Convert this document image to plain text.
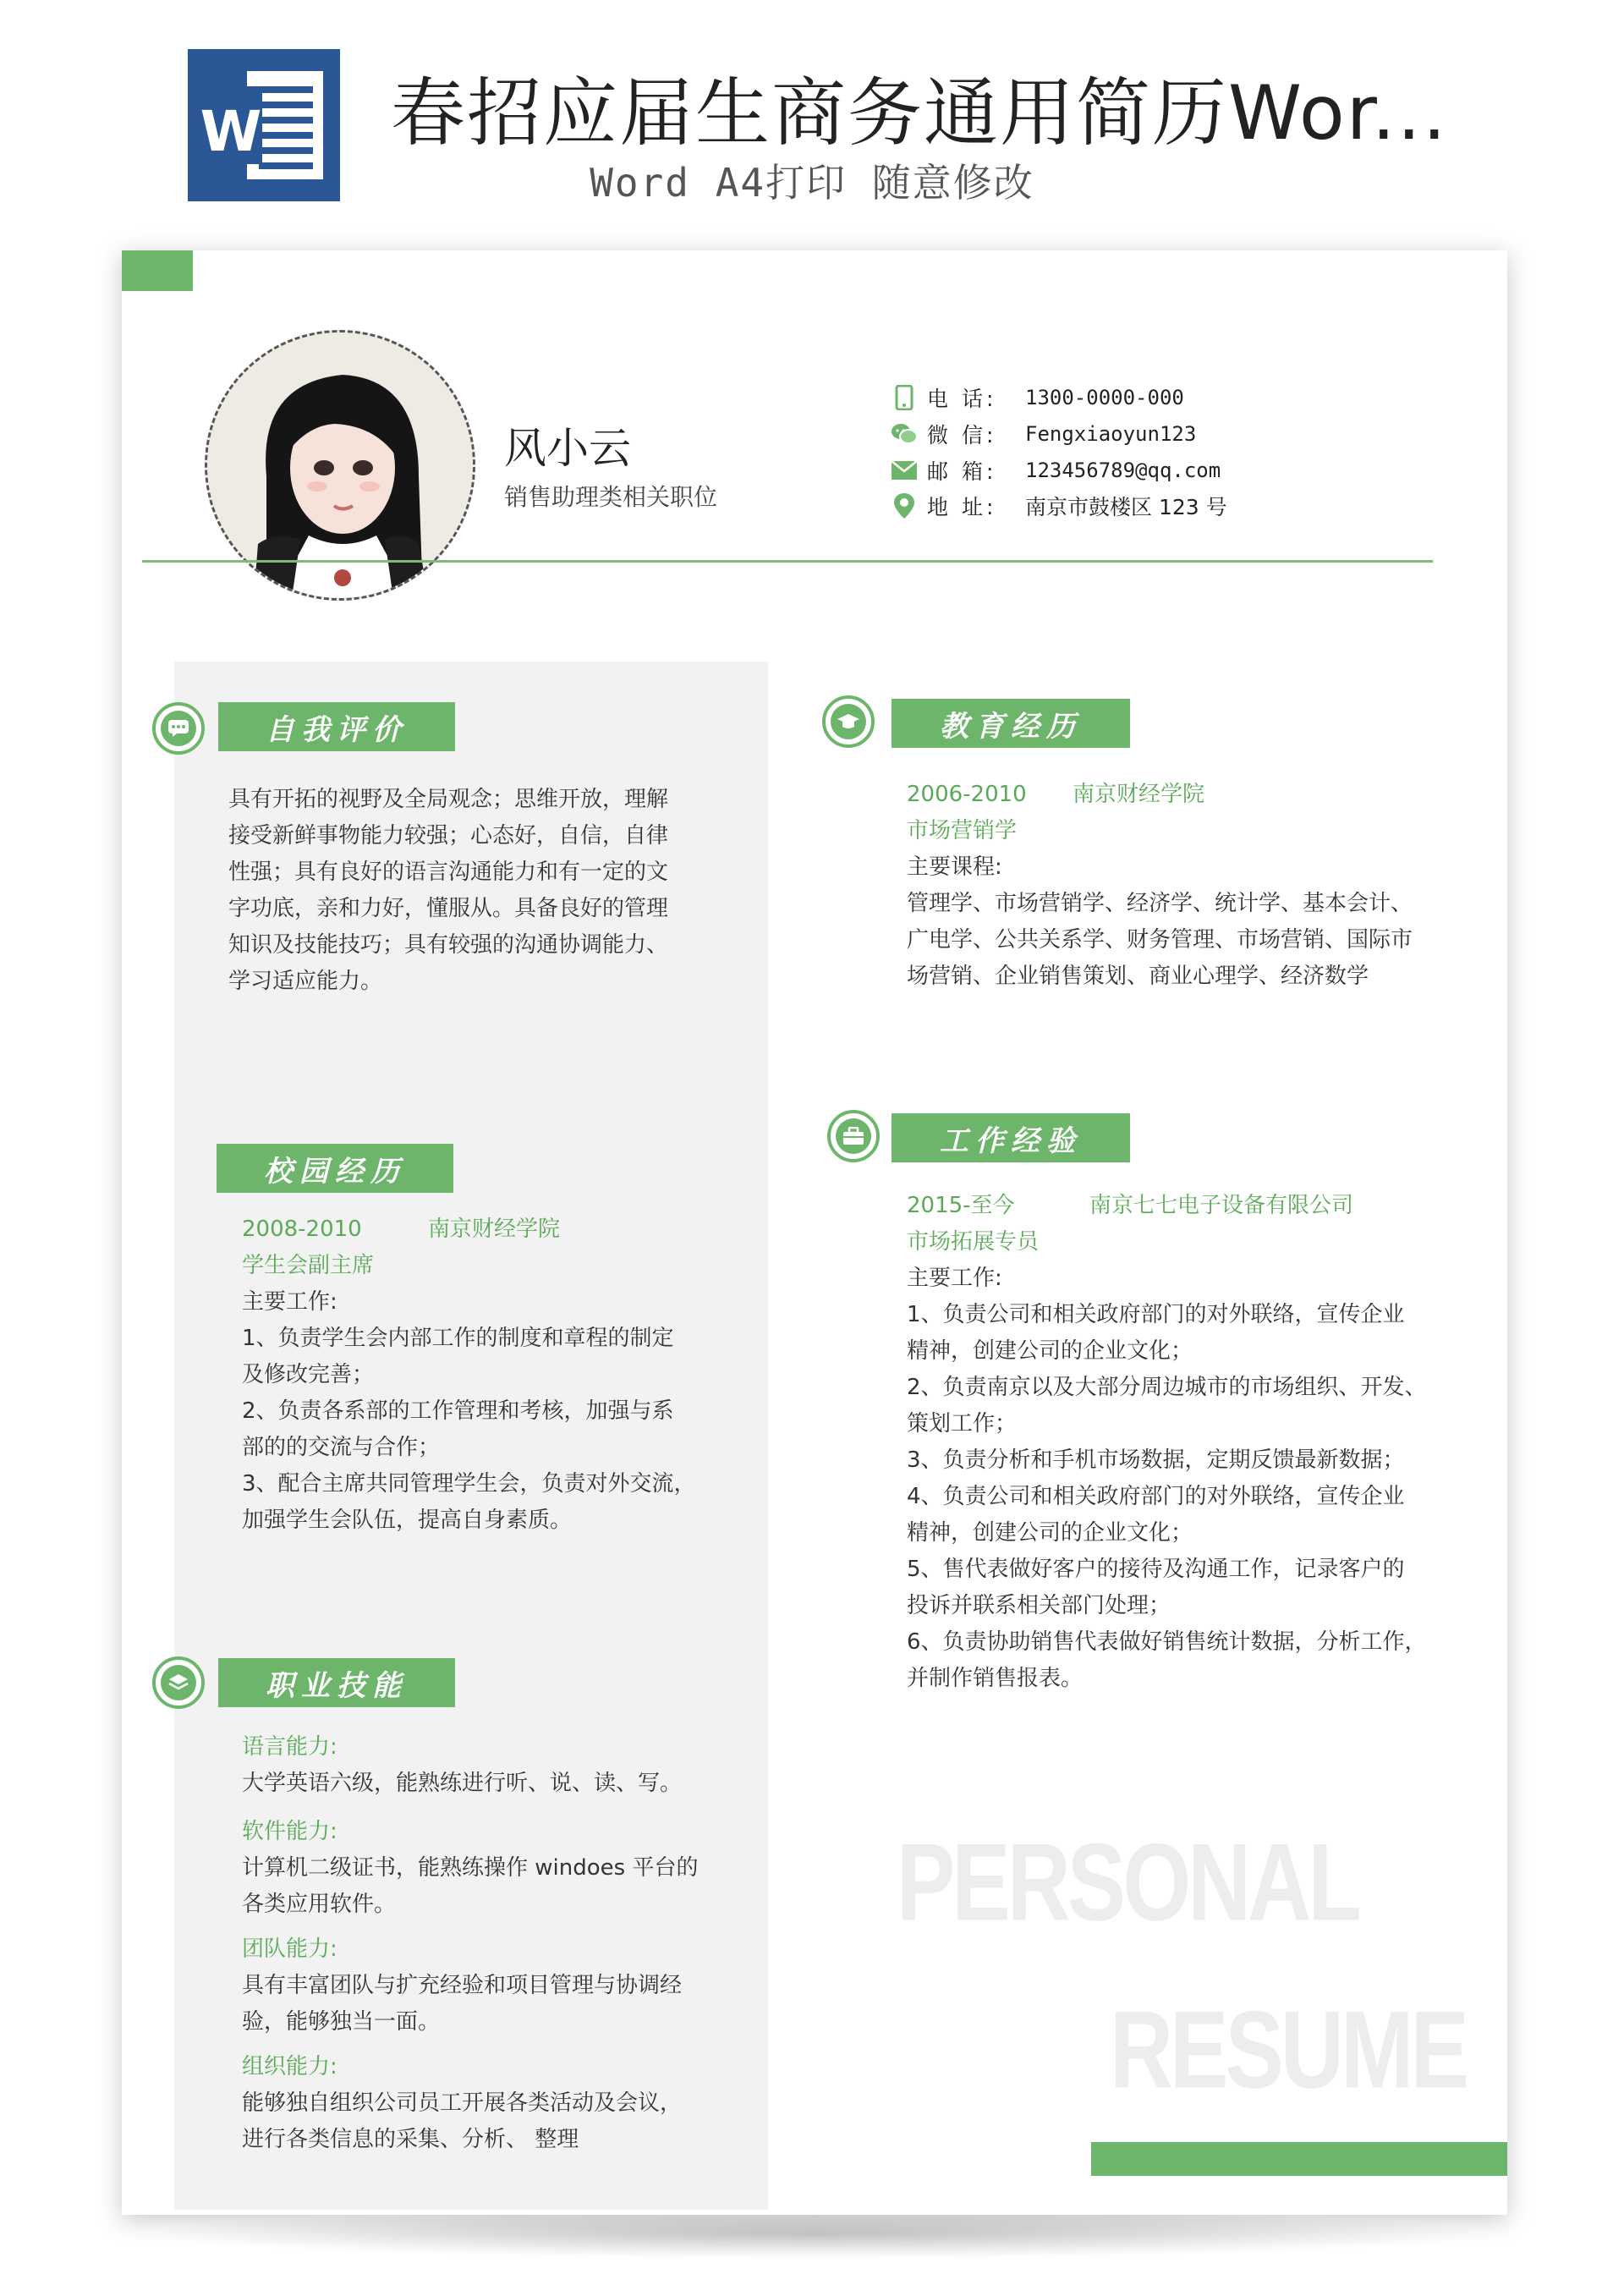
W 春招应届生商务通用简历Wor...
Word A4打印 随意修改
风小云
销售助理类相关职位
电 话:	1300-0000-000
微 信:	Fengxiaoyun123
邮 箱:	123456789@qq.com
地 址:	南京市鼓楼区 123 号
自我评价
具有开拓的视野及全局观念；思维开放，理解
接受新鲜事物能力较强；心态好，自信，自律
性强；具有良好的语言沟通能力和有一定的文
字功底，亲和力好，懂服从。具备良好的管理
知识及技能技巧；具有较强的沟通协调能力、
学习适应能力。
校园经历
2008-2010	南京财经学院
学生会副主席
主要工作:
1、负责学生会内部工作的制度和章程的制定
及修改完善；
2、负责各系部的工作管理和考核，加强与系
部的的交流与合作；
3、配合主席共同管理学生会，负责对外交流，
加强学生会队伍，提高自身素质。
职业技能
语言能力:
大学英语六级，能熟练进行听、说、读、写。
软件能力:
计算机二级证书，能熟练操作 windoes 平台的
各类应用软件。
团队能力:
具有丰富团队与扩充经验和项目管理与协调经
验，能够独当一面。
组织能力:
能够独自组织公司员工开展各类活动及会议，
进行各类信息的采集、分析、 整理
教育经历
2006-2010	南京财经学院
市场营销学
主要课程:
管理学、市场营销学、经济学、统计学、基本会计、
广电学、公共关系学、财务管理、市场营销、国际市
场营销、企业销售策划、商业心理学、经济数学
工作经验
2015-至今	南京七七电子设备有限公司
市场拓展专员
主要工作:
1、负责公司和相关政府部门的对外联络，宣传企业
精神，创建公司的企业文化；
2、负责南京以及大部分周边城市的市场组织、开发、
策划工作；
3、负责分析和手机市场数据，定期反馈最新数据；
4、负责公司和相关政府部门的对外联络，宣传企业
精神，创建公司的企业文化；
5、售代表做好客户的接待及沟通工作，记录客户的
投诉并联系相关部门处理；
6、负责协助销售代表做好销售统计数据，分析工作，
并制作销售报表。
PERSONAL
RESUME
